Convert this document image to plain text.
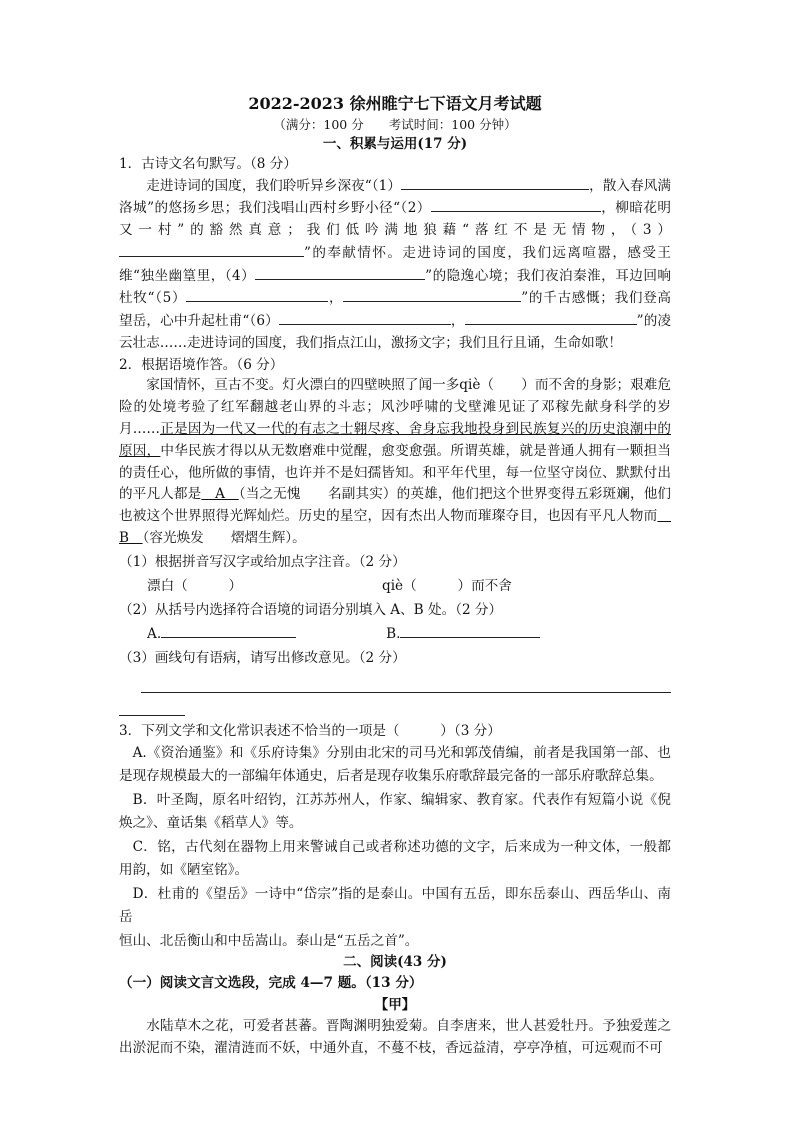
2022-2023 徐州睢宁七下语文月考试题
（满分：100 分　　考试时间：100 分钟）
一、积累与运用(17 分)
1．古诗文名句默写。（8 分）
走进诗词的国度，我们聆听异乡深夜“（1）	，散入春风满洛城”的悠扬乡思；我们浅唱山西村乡野小径“（2）	，柳暗花明又一村”的豁然真意；我们低吟满地狼藉“落红不是无情物，（3）”的奉献情怀。走进诗词的国度，我们远离喧嚣，感受王维“独坐幽篁里，（4）	”的隐逸心境；我们夜泊秦淮，耳边回响杜牧“（5）	，	”的千古感慨；我们登高望岳，心中升起杜甫“（6）	，	”的凌云壮志……走进诗词的国度，我们指点江山，激扬文字；我们且行且诵，生命如歌！
2．根据语境作答。（6 分）
家国情怀，亘古不变。灯火漂白的四壁映照了闻一多qiè（　　）而不舍的身影；艰难危险的处境考验了红军翻越老山界的斗志；风沙呼啸的戈壁滩见证了邓稼先献身科学的岁月……正是因为一代又一代的有志之士翱尽疼、舍身忘我地投身到民族复兴的历史浪潮中的原因，中华民族才得以从无数磨难中觉醒，愈变愈强。所谓英雄，就是普通人拥有一颗担当的责任心，他所做的事情，也许并不是妇孺皆知。和平年代里，每一位坚守岗位、默默付出的平凡人都是　A　（当之无愧　　名副其实）的英雄，他们把这个世界变得五彩斑斓，他们也被这个世界照得光辉灿烂。历史的星空，因有杰出人物而璀璨夺目，也因有平凡人物而　B　（容光焕发　　熠熠生辉）。
（1）根据拼音写汉字或给加点字注音。（2 分）
漂白（　　　）	qiè（　　　）而不舍
（2）从括号内选择符合语境的词语分别填入 A、B 处。（2 分）
A.	B.
（3）画线句有语病，请写出修改意见。（2 分）
3．下列文学和文化常识表述不恰当的一项是（　　　）（3 分）
A.《资治通鉴》和《乐府诗集》分别由北宋的司马光和郭茂倩编，前者是我国第一部、也是现存规模最大的一部编年体通史，后者是现存收集乐府歌辞最完备的一部乐府歌辞总集。
B．叶圣陶，原名叶绍钧，江苏苏州人，作家、编辑家、教育家。代表作有短篇小说《倪焕之》、童话集《稻草人》等。
C．铭，古代刻在器物上用来警诫自己或者称述功德的文字，后来成为一种文体，一般都用韵，如《陋室铭》。
D．杜甫的《望岳》一诗中“岱宗”指的是泰山。中国有五岳，即东岳泰山、西岳华山、南岳
恒山、北岳衡山和中岳嵩山。泰山是“五岳之首”。
二、阅读(43 分)
（一）阅读文言文选段，完成 4—7 题。（13 分）
【甲】
水陆草木之花，可爱者甚蕃。晋陶渊明独爱菊。自李唐来，世人甚爱牡丹。予独爱莲之出淤泥而不染，濯清涟而不妖，中通外直，不蔓不枝，香远益清，亭亭净植，可远观而不可
